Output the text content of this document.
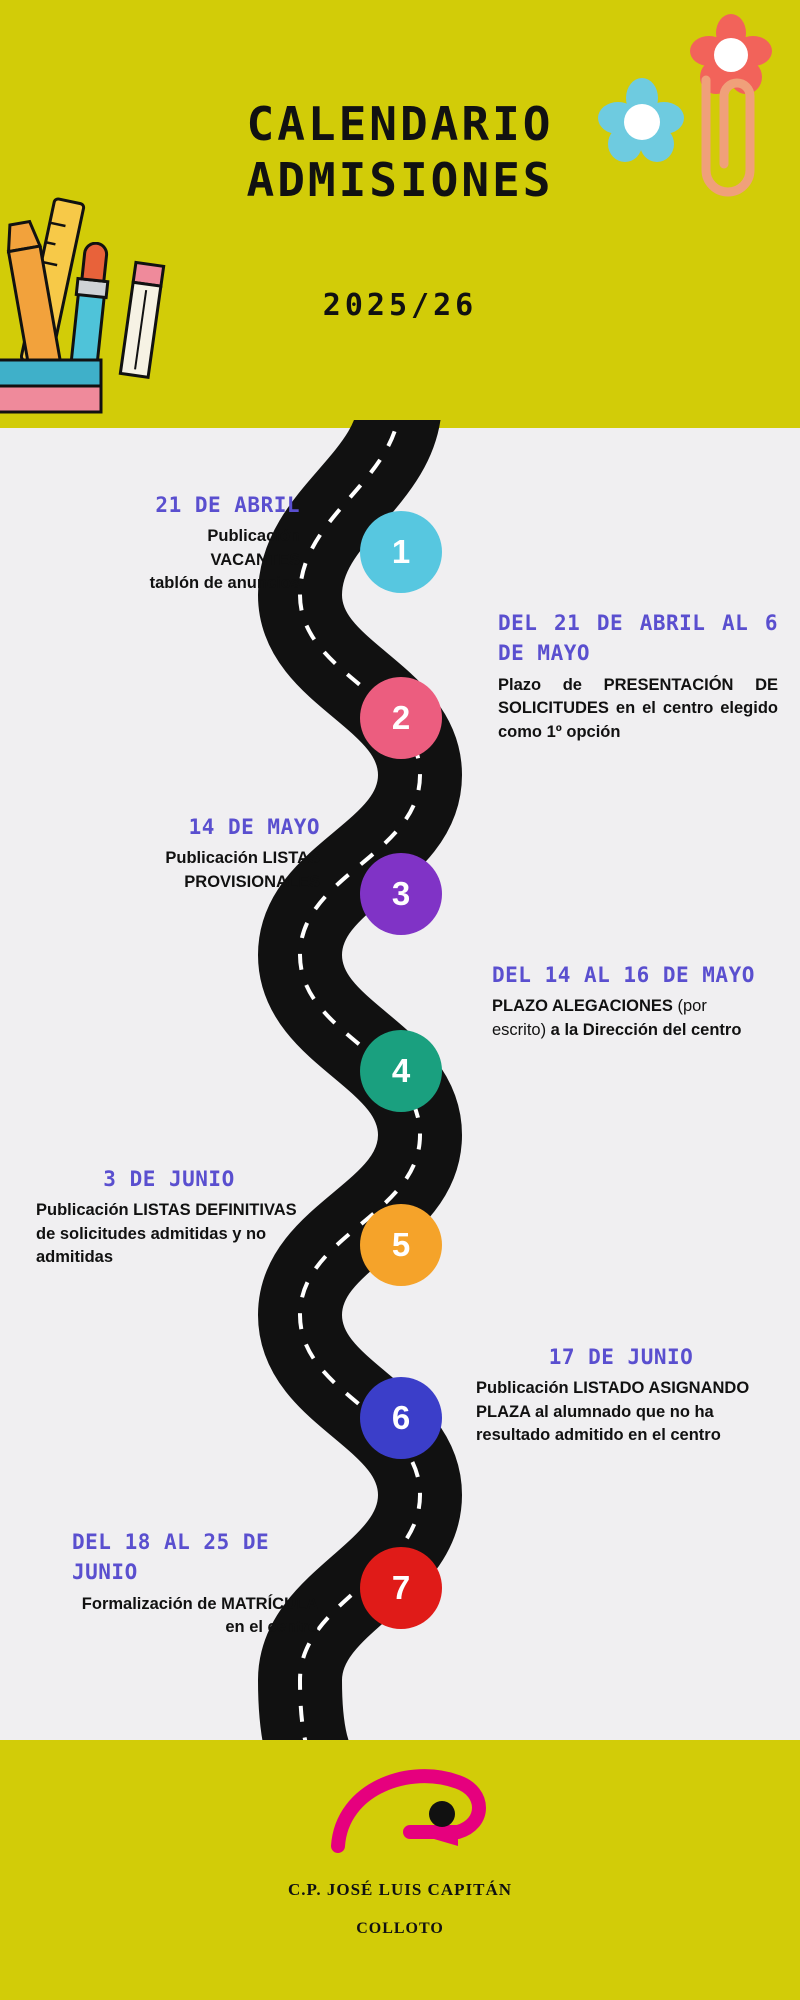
CALENDARIO
ADMISIONES
2025/26
1
2
3
4
5
6
7
21 DE ABRIL
Publicación
VACANTES
tablón de anuncios
DEL 21 DE ABRIL AL 6 DE MAYO
Plazo de PRESENTACIÓN DE SOLICITUDES en el centro elegido como 1º opción
14 DE MAYO
Publicación LISTAS PROVISIONALES
DEL 14 AL 16 DE MAYO
PLAZO ALEGACIONES (por escrito) a la Dirección del centro
3 DE JUNIO
Publicación LISTAS DEFINITIVAS de solicitudes admitidas y no admitidas
17 DE JUNIO
Publicación LISTADO ASIGNANDO PLAZA al alumnado que no ha resultado admitido en el centro
DEL 18 AL 25 DE JUNIO
Formalización de MATRÍCULA
en el centro
C.P. JOSÉ LUIS CAPITÁN
COLLOTO
